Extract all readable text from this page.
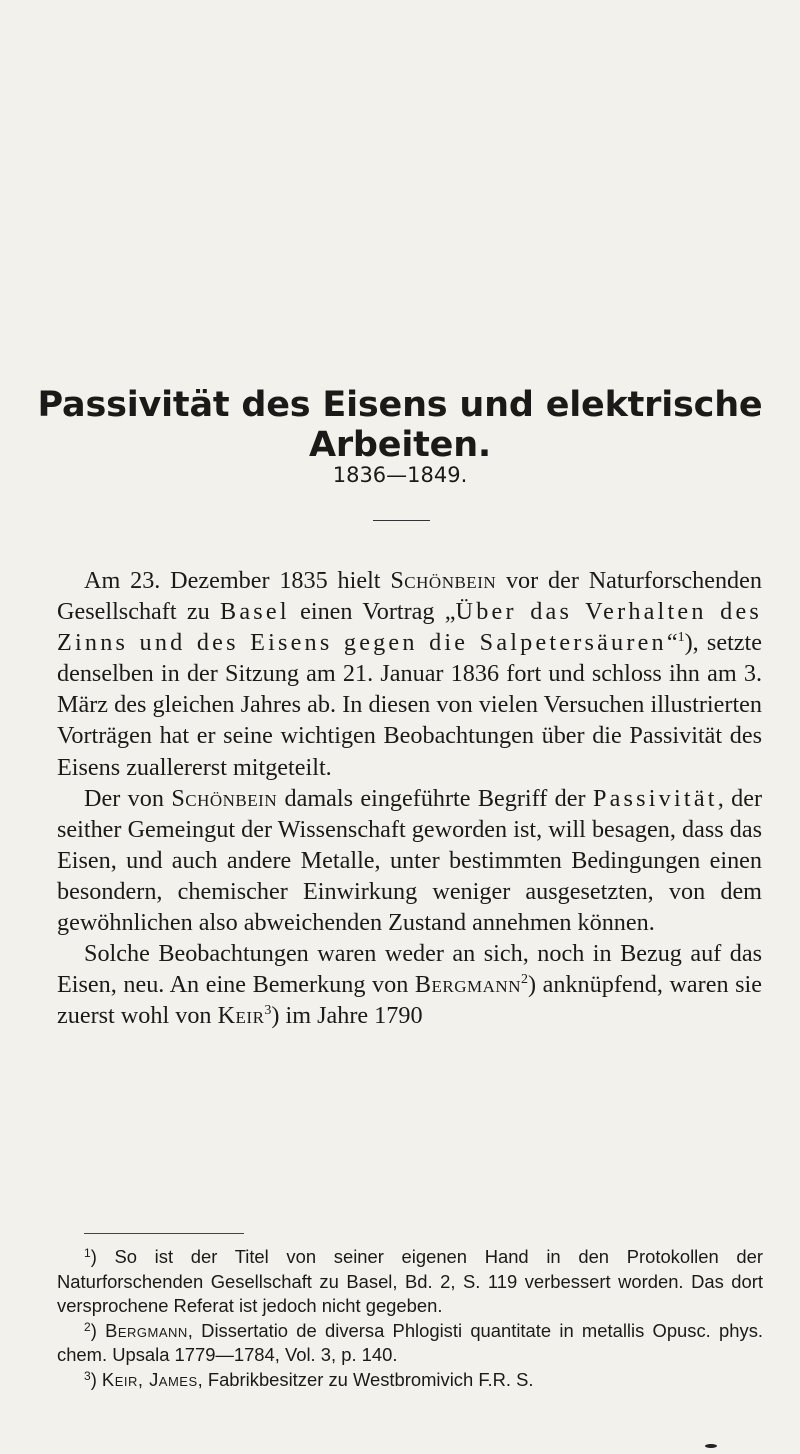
Passivität des Eisens und elektrische Arbeiten.
1836—1849.

Am 23. Dezember 1835 hielt Schönbein vor der Naturforschenden Gesellschaft zu Basel einen Vortrag „Über das Verhalten des Zinns und des Eisens gegen die Salpetersäuren“$^1$), setzte denselben in der Sitzung am 21. Januar 1836 fort und schloss ihn am 3. März des gleichen Jahres ab. In diesen von vielen Versuchen illustrierten Vorträgen hat er seine wichtigen Beobachtungen über die Passivität des Eisens zuallererst mitgeteilt.

Der von Schönbein damals eingeführte Begriff der Passivität, der seither Gemeingut der Wissenschaft geworden ist, will besagen, dass das Eisen, und auch andere Metalle, unter bestimmten Bedingungen einen besondern, chemischer Einwirkung weniger ausgesetzten, von dem gewöhnlichen also abweichenden Zustand annehmen können.

Solche Beobachtungen waren weder an sich, noch in Bezug auf das Eisen, neu. An eine Bemerkung von Bergmann$^2$) anknüpfend, waren sie zuerst wohl von Keir$^3$) im Jahre 1790

$^1$) So ist der Titel von seiner eigenen Hand in den Protokollen der Naturforschenden Gesellschaft zu Basel, Bd. 2, S. 119 verbessert worden. Das dort versprochene Referat ist jedoch nicht gegeben.

$^2$) Bergmann, Dissertatio de diversa Phlogisti quantitate in metallis Opusc. phys. chem. Upsala 1779—1784, Vol. 3, p. 140.

$^3$) Keir, James, Fabrikbesitzer zu Westbromivich F.R. S.
